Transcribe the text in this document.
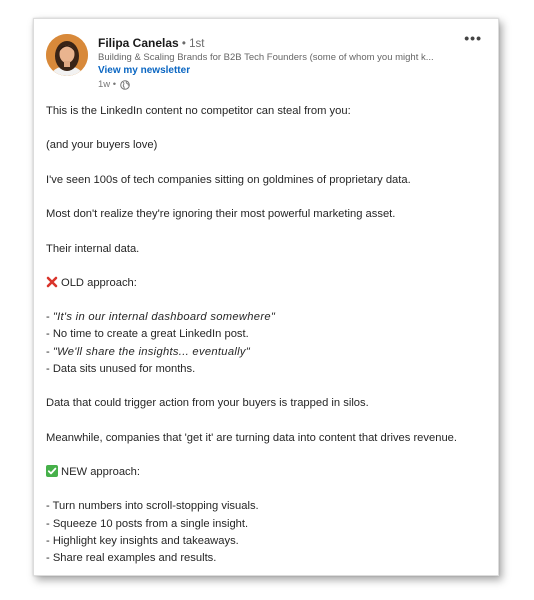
Filipa Canelas • 1st
Building & Scaling Brands for B2B Tech Founders (some of whom you might k...
View my newsletter
1w •
•••
This is the LinkedIn content no competitor can steal from you:
(and your buyers love)
I've seen 100s of tech companies sitting on goldmines of proprietary data.
Most don't realize they're ignoring their most powerful marketing asset.
Their internal data.
OLD approach:
- "It's in our internal dashboard somewhere"
- No time to create a great LinkedIn post.
- "We'll share the insights... eventually"
- Data sits unused for months.
Data that could trigger action from your buyers is trapped in silos.
Meanwhile, companies that 'get it' are turning data into content that drives revenue.
NEW approach:
- Turn numbers into scroll-stopping visuals.
- Squeeze 10 posts from a single insight.
- Highlight key insights and takeaways.
- Share real examples and results.
